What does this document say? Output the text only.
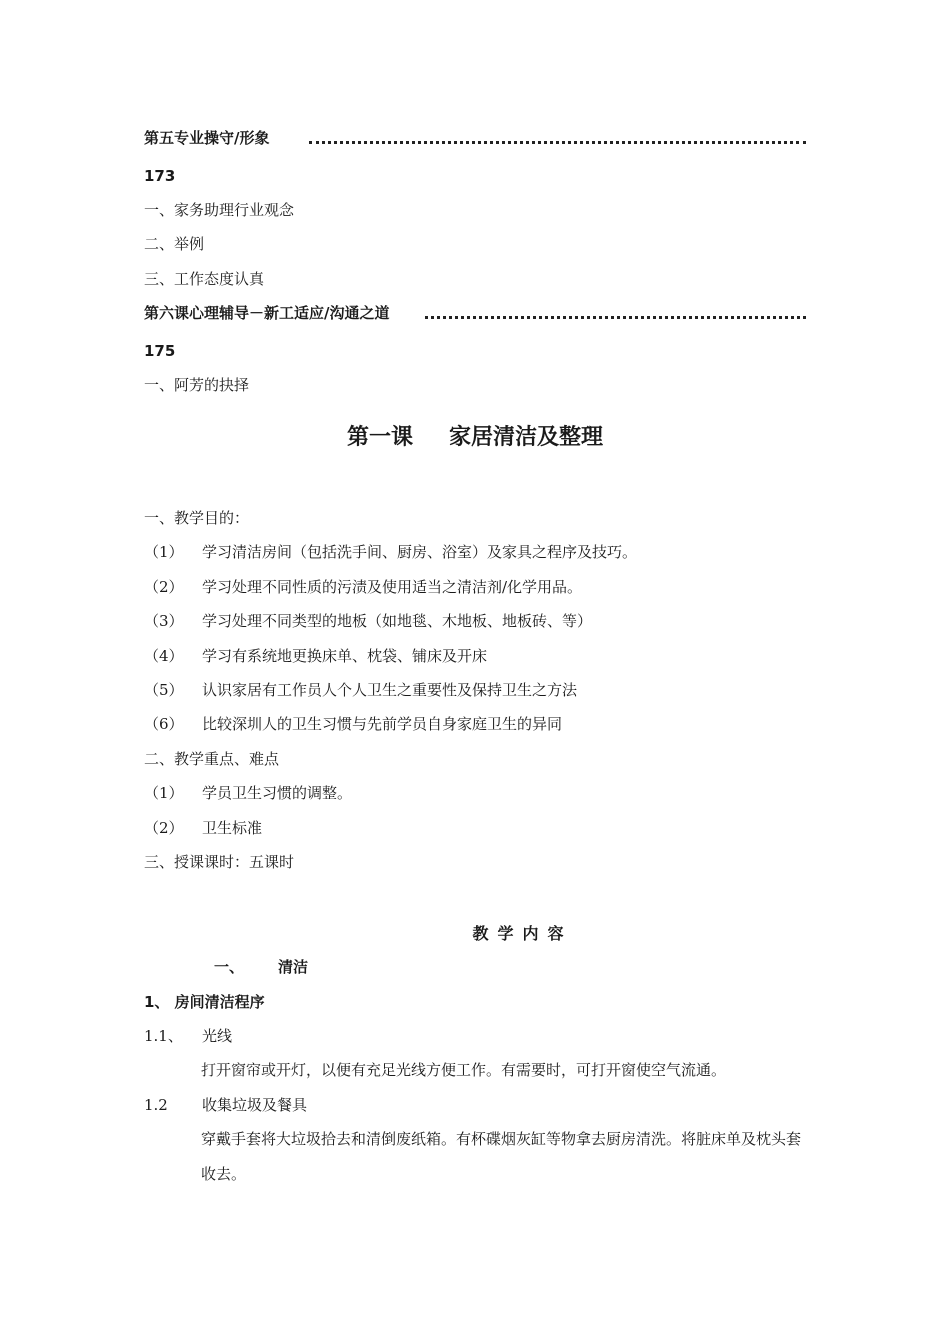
第五专业操守/形象
173
一、家务助理行业观念
二、举例
三、工作态度认真
第六课心理辅导－新工适应/沟通之道
175
一、阿芳的抉择
第一课 家居清洁及整理
一、教学目的：
（1） 学习清洁房间（包括洗手间、厨房、浴室）及家具之程序及技巧。
（2） 学习处理不同性质的污渍及使用适当之清洁剂/化学用品。
（3） 学习处理不同类型的地板（如地毯、木地板、地板砖、等）
（4） 学习有系统地更换床单、枕袋、铺床及开床
（5） 认识家居有工作员人个人卫生之重要性及保持卫生之方法
（6） 比较深圳人的卫生习惯与先前学员自身家庭卫生的异同
二、教学重点、难点
（1） 学员卫生习惯的调整。
（2） 卫生标准
三、授课课时：五课时
教学内容
一、 清洁
1、 房间清洁程序
1.1、 光线
打开窗帘或开灯，以便有充足光线方便工作。有需要时，可打开窗使空气流通。
1.2 收集垃圾及餐具
穿戴手套将大垃圾拾去和清倒废纸箱。有杯碟烟灰缸等物拿去厨房清洗。将脏床单及枕头套收去。
